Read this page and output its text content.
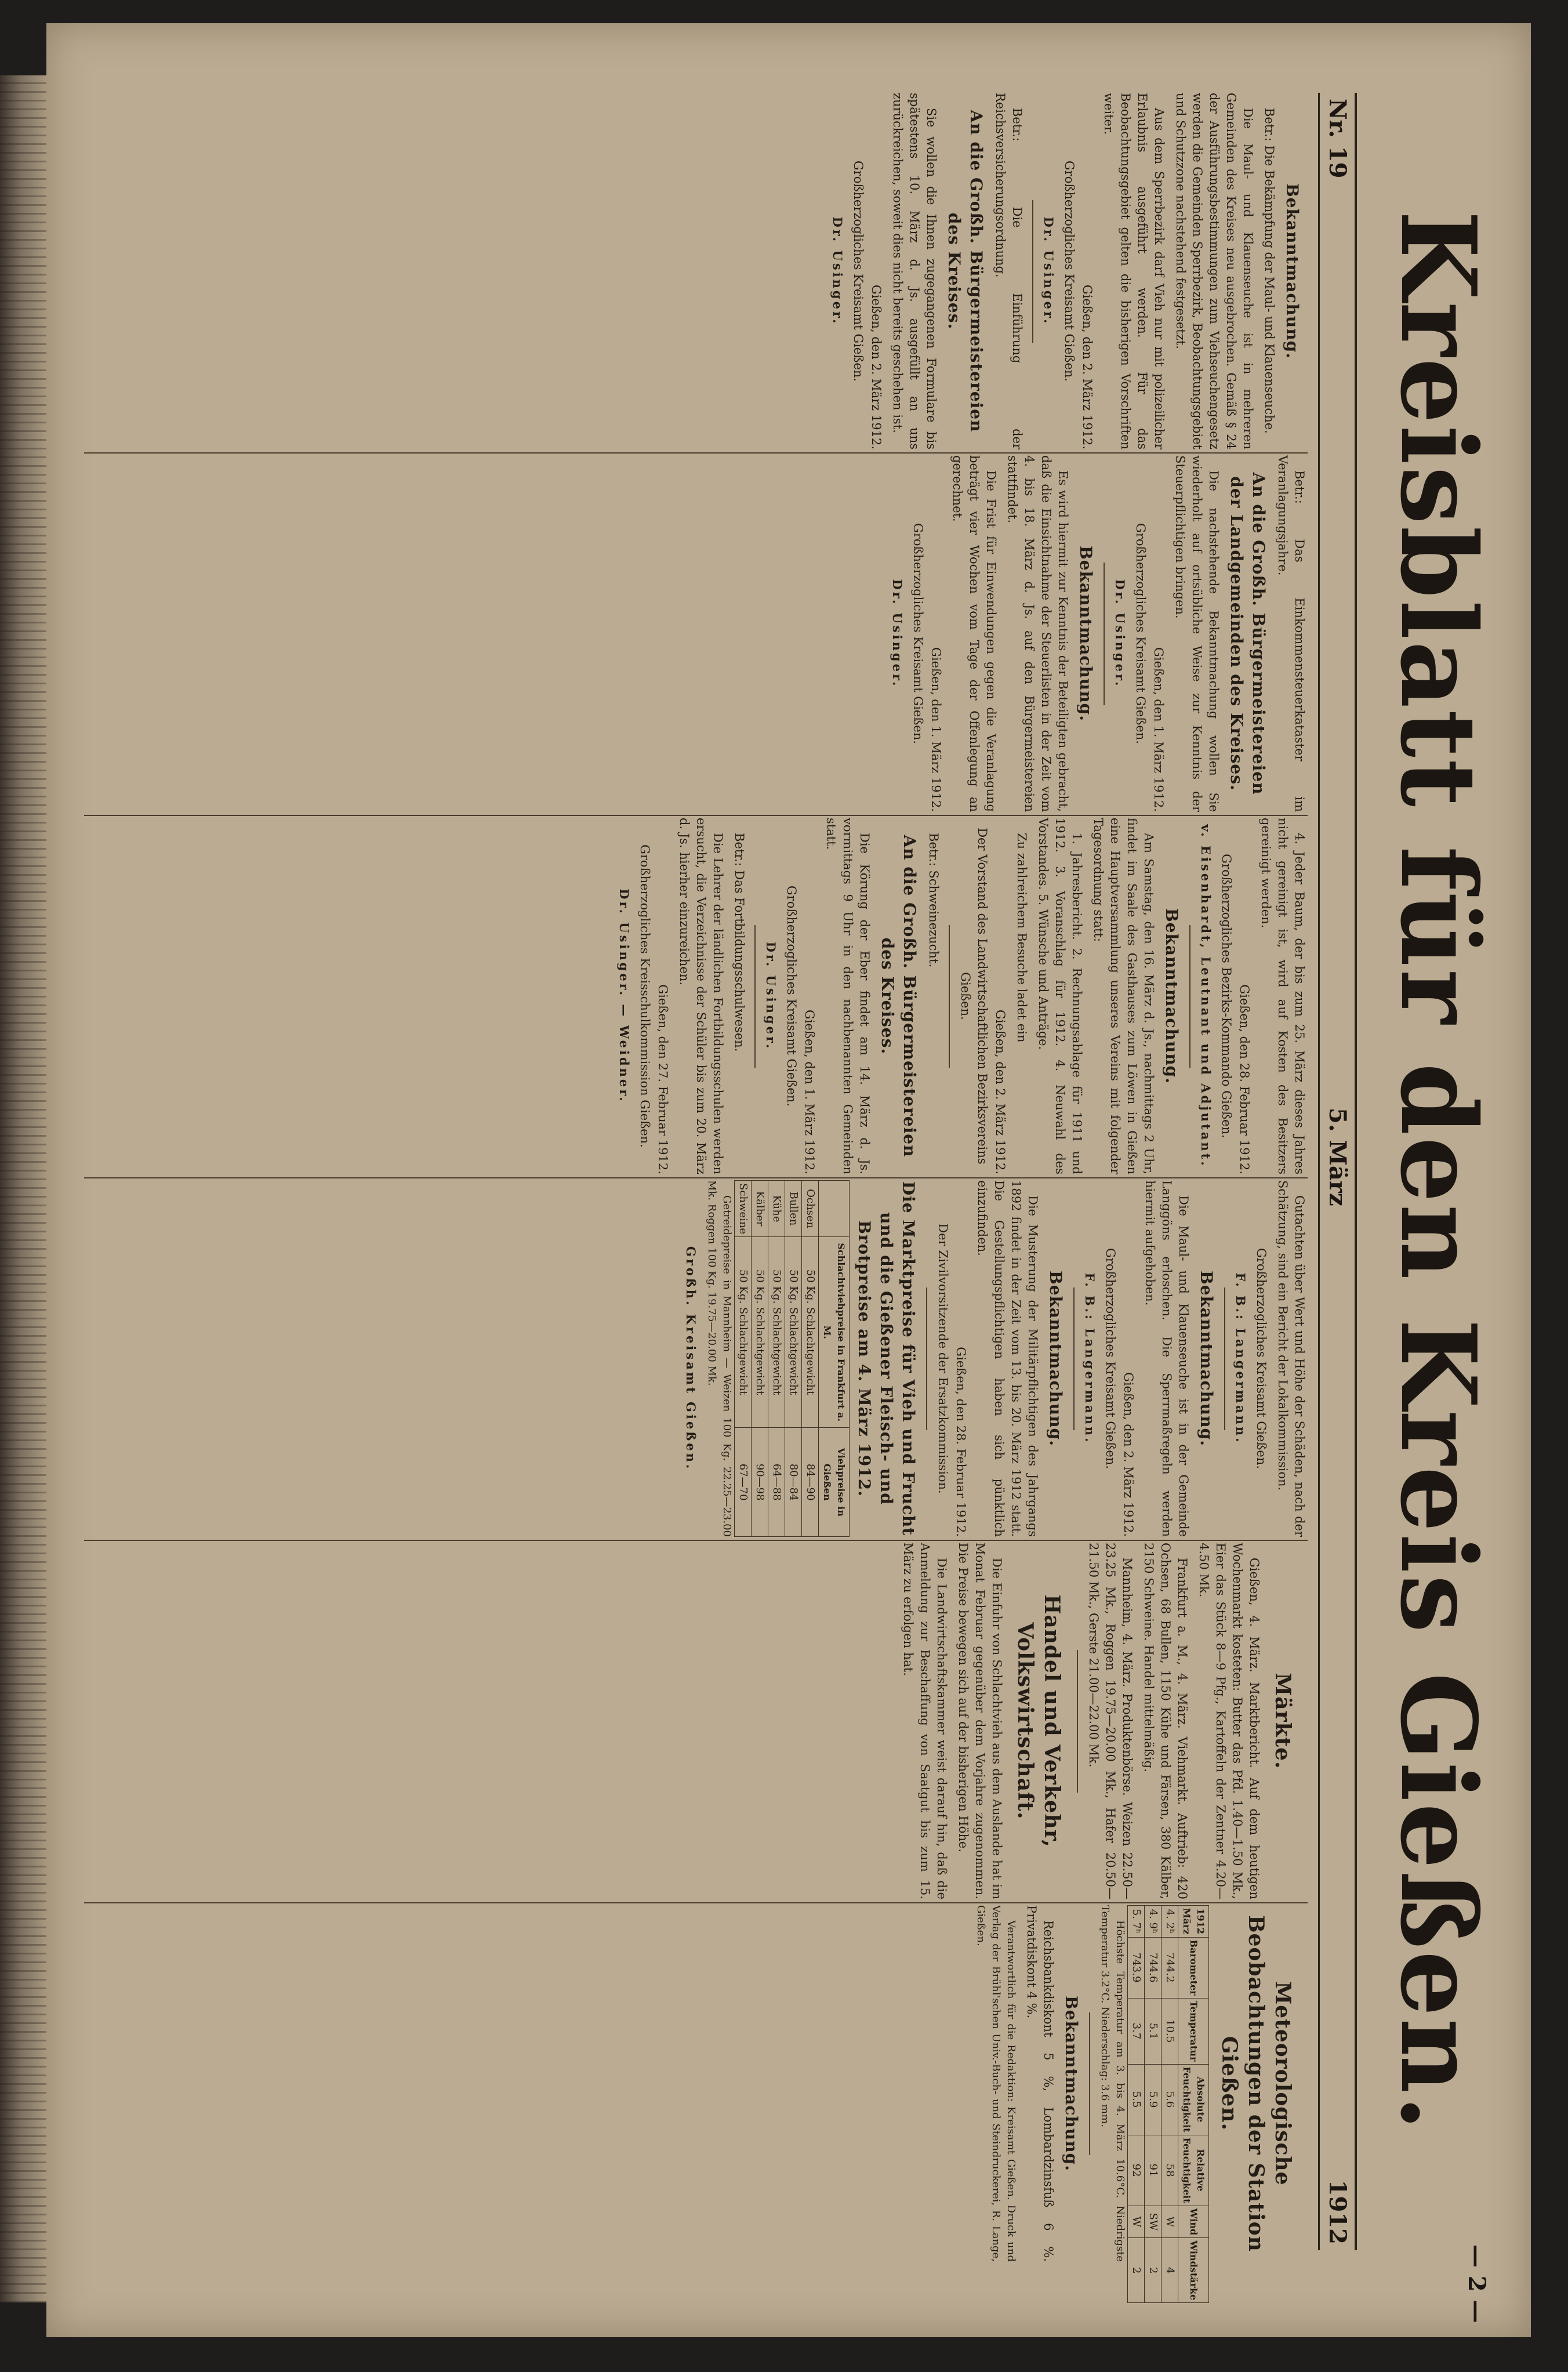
Kreisblatt für den Kreis Gießen.
— 2 —
Nr. 19
5. März
1912
Bekanntmachung.

Betr.: Die Bekämpfung der Maul- und Klauenseuche.

Die Maul- und Klauenseuche ist in mehreren Gemeinden des Kreises neu ausgebrochen. Gemäß § 24 der Ausführungsbestimmungen zum Viehseuchengesetz werden die Gemeinden Sperrbezirk, Beobachtungsgebiet und Schutzzone nachstehend festgesetzt.

Aus dem Sperrbezirk darf Vieh nur mit polizeilicher Erlaubnis ausgeführt werden. Für das Beobachtungsgebiet gelten die bisherigen Vorschriften weiter.

Gießen, den 2. März 1912.

Großherzogliches Kreisamt Gießen.

Dr. Usinger.

Betr.: Die Einführung der Reichsversicherungsordnung.

An die Großh. Bürgermeistereien des Kreises.

Sie wollen die Ihnen zugegangenen Formulare bis spätestens 10. März d. Js. ausgefüllt an uns zurückreichen, soweit dies nicht bereits geschehen ist.

Gießen, den 2. März 1912.

Großherzogliches Kreisamt Gießen.

Dr. Usinger.

Betr.: Das Einkommensteuerkataster im Veranlagungsjahre.

An die Großh. Bürgermeistereien der Landgemeinden des Kreises.

Die nachstehende Bekanntmachung wollen Sie wiederholt auf ortsübliche Weise zur Kenntnis der Steuerpflichtigen bringen.

Gießen, den 1. März 1912.

Großherzogliches Kreisamt Gießen.

Dr. Usinger.

Bekanntmachung.

Es wird hiermit zur Kenntnis der Beteiligten gebracht, daß die Einsichtnahme der Steuerlisten in der Zeit vom 4. bis 18. März d. Js. auf den Bürgermeistereien stattfindet.

Die Frist für Einwendungen gegen die Veranlagung beträgt vier Wochen vom Tage der Offenlegung an gerechnet.

Gießen, den 1. März 1912.

Großherzogliches Kreisamt Gießen.

Dr. Usinger.

4. Jeder Baum, der bis zum 25. März dieses Jahres nicht gereinigt ist, wird auf Kosten des Besitzers gereinigt werden.

Gießen, den 28. Februar 1912.

Großherzogliches Bezirks-Kommando Gießen.

v. Eisenhardt, Leutnant und Adjutant.

Bekanntmachung.

Am Samstag, den 16. März d. Js., nachmittags 2 Uhr, findet im Saale des Gasthauses zum Löwen in Gießen eine Hauptversammlung unseres Vereins mit folgender Tagesordnung statt:

1. Jahresbericht. 2. Rechnungsablage für 1911 und 1912. 3. Voranschlag für 1912. 4. Neuwahl des Vorstandes. 5. Wünsche und Anträge.

Zu zahlreichem Besuche ladet ein

Gießen, den 2. März 1912.

Der Vorstand des Landwirtschaftlichen Bezirksvereins Gießen.

Betr.: Schweinezucht.

An die Großh. Bürgermeistereien des Kreises.

Die Körung der Eber findet am 14. März d. Js. vormittags 9 Uhr in den nachbenannten Gemeinden statt.

Gießen, den 1. März 1912.

Großherzogliches Kreisamt Gießen.

Dr. Usinger.

Betr.: Das Fortbildungsschulwesen.

Die Lehrer der ländlichen Fortbildungsschulen werden ersucht, die Verzeichnisse der Schüler bis zum 20. März d. Js. hierher einzureichen.

Gießen, den 27. Februar 1912.

Großherzogliches Kreisschulkommission Gießen.

Dr. Usinger. — Weidner.

Gutachten über Wert und Höhe der Schäden, nach der Schätzung, sind ein Bericht der Lokalkommission.

Großherzogliches Kreisamt Gießen.

F. B.: Langermann.

Bekanntmachung.

Die Maul- und Klauenseuche ist in der Gemeinde Langgöns erloschen. Die Sperrmaßregeln werden hiermit aufgehoben.

Gießen, den 2. März 1912.

Großherzogliches Kreisamt Gießen.

F. B.: Langermann.

Bekanntmachung.

Die Musterung der Militärpflichtigen des Jahrgangs 1892 findet in der Zeit vom 13. bis 20. März 1912 statt. Die Gestellungspflichtigen haben sich pünktlich einzufinden.

Gießen, den 28. Februar 1912.

Der Zivilvorsitzende der Ersatzkommission.

Die Marktpreise für Vieh und Frucht und die Gießener Fleisch- und Brotpreise am 4. März 1912.
	Schlachtviehpreise in Frankfurt a. M.	Viehpreise in Gießen
Ochsen	50 Kg. Schlachtgewicht	84—90
Bullen	50 Kg. Schlachtgewicht	80—84
Kühe	50 Kg. Schlachtgewicht	64—88
Kälber	50 Kg. Schlachtgewicht	90—98
Schweine	50 Kg. Schlachtgewicht	67—70

Getreidepreise in Mannheim — Weizen 100 Kg. 22.25—23.00 Mk. Roggen 100 Kg. 19.75—20.00 Mk.

Großh. Kreisamt Gießen.

Märkte.

Gießen, 4. März. Marktbericht. Auf dem heutigen Wochenmarkt kosteten: Butter das Pfd. 1.40—1.50 Mk., Eier das Stück 8—9 Pfg., Kartoffeln der Zentner 4.20—4.50 Mk.

Frankfurt a. M., 4. März. Viehmarkt. Auftrieb: 420 Ochsen, 68 Bullen, 1150 Kühe und Färsen, 380 Kälber, 2150 Schweine. Handel mittelmäßig.

Mannheim, 4. März. Produktenbörse. Weizen 22.50—23.25 Mk., Roggen 19.75—20.00 Mk., Hafer 20.50—21.50 Mk., Gerste 21.00—22.00 Mk.

Handel und Verkehr, Volkswirtschaft.

Die Einfuhr von Schlachtvieh aus dem Auslande hat im Monat Februar gegenüber dem Vorjahre zugenommen. Die Preise bewegen sich auf der bisherigen Höhe.

Die Landwirtschaftskammer weist darauf hin, daß die Anmeldung zur Beschaffung von Saatgut bis zum 15. März zu erfolgen hat.

Meteorologische Beobachtungen der Station Gießen.
1912 März	Barometer	Temperatur	Absolute Feuchtigkeit	Relative Feuchtigkeit	Wind	Windstärke
4. 2ʰ	744.2	10.5	5.6	58	W	4
4. 9ʰ	744.6	5.1	5.9	91	SW	2
5. 7ʰ	743.9	3.7	5.5	92	W	2

Höchste Temperatur am 3. bis 4. März 10.6°C. Niedrigste Temperatur 3.2°C. Niederschlag: 3.6 mm.

Bekanntmachung.

Reichsbankdiskont 5 %, Lombardzinsfuß 6 %. Privatdiskont 4 %.

Verantwortlich für die Redaktion: Kreisamt Gießen. Druck und Verlag der Brühl'schen Univ.-Buch- und Steindruckerei, R. Lange, Gießen.
